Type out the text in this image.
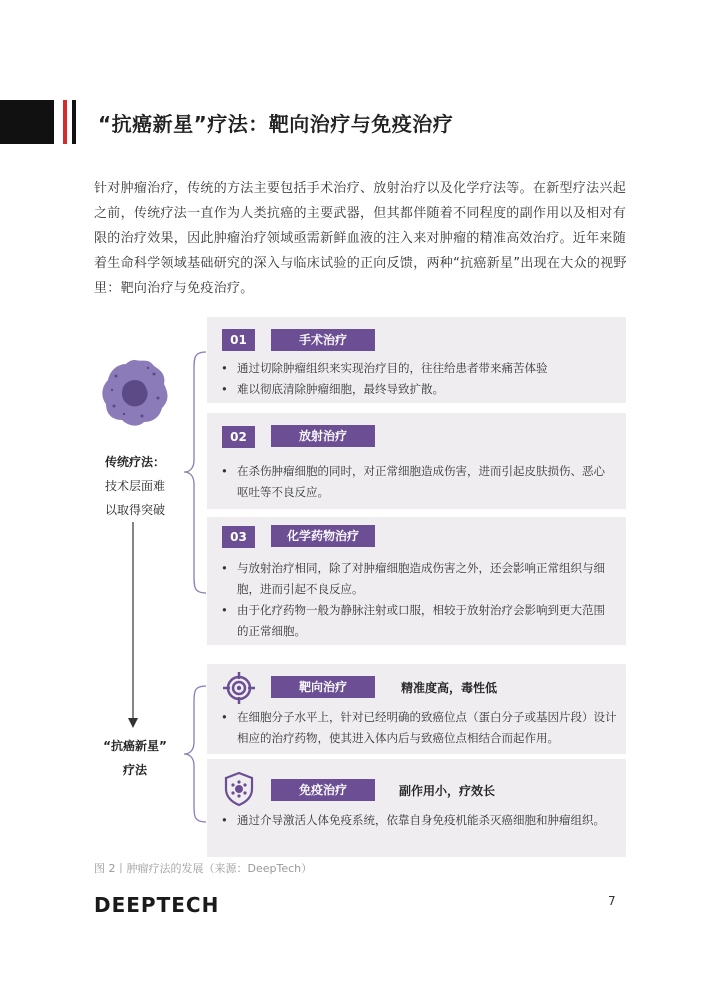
“抗癌新星”疗法：靶向治疗与免疫治疗
针对肿瘤治疗，传统的方法主要包括手术治疗、放射治疗以及化学疗法等。在新型疗法兴起之前，传统疗法一直作为人类抗癌的主要武器，但其都伴随着不同程度的副作用以及相对有限的治疗效果，因此肿瘤治疗领域亟需新鲜血液的注入来对肿瘤的精准高效治疗。近年来随着生命科学领域基础研究的深入与临床试验的正向反馈，两种“抗癌新星”出现在大众的视野里：靶向治疗与免疫治疗。
传统疗法：
技术层面难
以取得突破
“抗癌新星”
疗法
01	手术治疗
• 通过切除肿瘤组织来实现治疗目的，往往给患者带来痛苦体验
• 难以彻底清除肿瘤细胞，最终导致扩散。
02	放射治疗
• 在杀伤肿瘤细胞的同时，对正常细胞造成伤害，进而引起皮肤损伤、恶心呕吐等不良反应。
03	化学药物治疗
• 与放射治疗相同，除了对肿瘤细胞造成伤害之外，还会影响正常组织与细胞，进而引起不良反应。
• 由于化疗药物一般为静脉注射或口服，相较于放射治疗会影响到更大范围的正常细胞。
靶向治疗	精准度高，毒性低
• 在细胞分子水平上，针对已经明确的致癌位点（蛋白分子或基因片段）设计相应的治疗药物，使其进入体内后与致癌位点相结合而起作用。
免疫治疗	副作用小，疗效长
• 通过介导激活人体免疫系统，依靠自身免疫机能杀灭癌细胞和肿瘤组织。
图 2丨肿瘤疗法的发展（来源：DeepTech）
DEEPTECH	7
